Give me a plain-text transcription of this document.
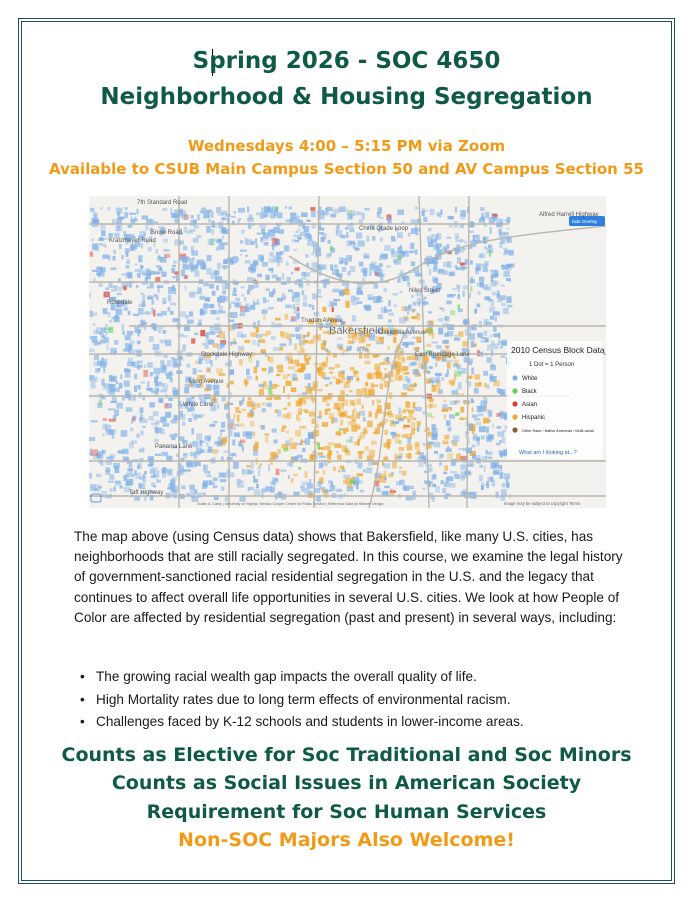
Spring 2026 - SOC 4650
Neighborhood & Housing Segregation
Wednesdays 4:00 – 5:15 PM via Zoom
Available to CSUB Main Campus Section 50 and AV Campus Section 55
2010 Census Block Data
1 Dot = 1 Person
White
Black
Asian
Hispanic
Other Race / Native American / Multi-racial
What am I looking at...?
Bakersfield
hide Overlay
7th Standard Road
Snow Road
Rosedale
Truxtun Avenue
California Avenue
Stockdale Highway
Ming Avenue
White Lane
Panama Lane
Taft Highway
East Brundage Lane
China Grade Loop
Kratzmeyer Road
Niles Street
Alfred Harrell Highway
Dustin A. Cable | University of Virginia, Weldon Cooper Center for Public Service | Reference Data by Stamen Design	Image may be subject to copyright Terms
The map above (using Census data) shows that Bakersfield, like many U.S. cities, has neighborhoods that are still racially segregated. In this course, we examine the legal history of government-sanctioned racial residential segregation in the U.S. and the legacy that continues to affect overall life opportunities in several U.S. cities. We look at how People of Color are affected by residential segregation (past and present) in several ways, including:
• The growing racial wealth gap impacts the overall quality of life.
• High Mortality rates due to long term effects of environmental racism.
• Challenges faced by K-12 schools and students in lower-income areas.
Counts as Elective for Soc Traditional and Soc Minors
Counts as Social Issues in American Society
Requirement for Soc Human Services
Non-SOC Majors Also Welcome!
